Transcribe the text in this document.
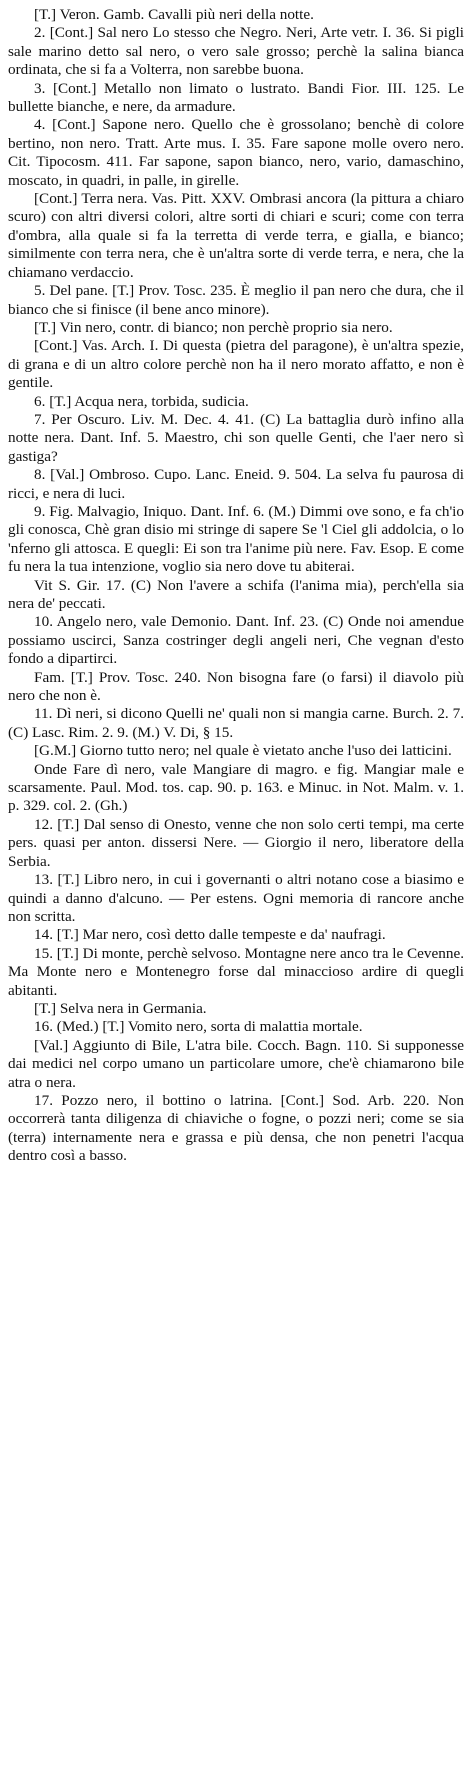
[T.] Veron. Gamb. Cavalli più neri della notte.

2. [Cont.] Sal nero Lo stesso che Negro. Neri, Arte vetr. I. 36. Si pigli sale marino detto sal nero, o vero sale grosso; perchè la salina bianca ordinata, che si fa a Volterra, non sarebbe buona.

3. [Cont.] Metallo non limato o lustrato. Bandi Fior. III. 125. Le bullette bianche, e nere, da armadure.

4. [Cont.] Sapone nero. Quello che è grossolano; benchè di colore bertino, non nero. Tratt. Arte mus. I. 35. Fare sapone molle overo nero. Cit. Tipocosm. 411. Far sapone, sapon bianco, nero, vario, damaschino, moscato, in quadri, in palle, in girelle.

[Cont.] Terra nera. Vas. Pitt. XXV. Ombrasi ancora (la pittura a chiaro scuro) con altri diversi colori, altre sorti di chiari e scuri; come con terra d'ombra, alla quale si fa la terretta di verde terra, e gialla, e bianco; similmente con terra nera, che è un'altra sorte di verde terra, e nera, che la chiamano verdaccio.

5. Del pane. [T.] Prov. Tosc. 235. È meglio il pan nero che dura, che il bianco che si finisce (il bene anco minore).

[T.] Vin nero, contr. di bianco; non perchè proprio sia nero.

[Cont.] Vas. Arch. I. Di questa (pietra del paragone), è un'altra spezie, di grana e di un altro colore perchè non ha il nero morato affatto, e non è gentile.

6. [T.] Acqua nera, torbida, sudicia.

7. Per Oscuro. Liv. M. Dec. 4. 41. (C) La battaglia durò infino alla notte nera. Dant. Inf. 5. Maestro, chi son quelle Genti, che l'aer nero sì gastiga?

8. [Val.] Ombroso. Cupo. Lanc. Eneid. 9. 504. La selva fu paurosa di ricci, e nera di luci.

9. Fig. Malvagio, Iniquo. Dant. Inf. 6. (M.) Dimmi ove sono, e fa ch'io gli conosca, Chè gran disio mi stringe di sapere Se 'l Ciel gli addolcia, o lo 'nferno gli attosca. E quegli: Ei son tra l'anime più nere. Fav. Esop. E come fu nera la tua intenzione, voglio sia nero dove tu abiterai.

Vit S. Gir. 17. (C) Non l'avere a schifa (l'anima mia), perch'ella sia nera de' peccati.

10. Angelo nero, vale Demonio. Dant. Inf. 23. (C) Onde noi amendue possiamo uscirci, Sanza costringer degli angeli neri, Che vegnan d'esto fondo a dipartirci.

Fam. [T.] Prov. Tosc. 240. Non bisogna fare (o farsi) il diavolo più nero che non è.

11. Dì neri, si dicono Quelli ne' quali non si mangia carne. Burch. 2. 7. (C) Lasc. Rim. 2. 9. (M.) V. Di, § 15.

[G.M.] Giorno tutto nero; nel quale è vietato anche l'uso dei latticini.

Onde Fare dì nero, vale Mangiare di magro. e fig. Mangiar male e scarsamente. Paul. Mod. tos. cap. 90. p. 163. e Minuc. in Not. Malm. v. 1. p. 329. col. 2. (Gh.)

12. [T.] Dal senso di Onesto, venne che non solo certi tempi, ma certe pers. quasi per anton. dissersi Nere. — Giorgio il nero, liberatore della Serbia.

13. [T.] Libro nero, in cui i governanti o altri notano cose a biasimo e quindi a danno d'alcuno. — Per estens. Ogni memoria di rancore anche non scritta.

14. [T.] Mar nero, così detto dalle tempeste e da' naufragi.

15. [T.] Di monte, perchè selvoso. Montagne nere anco tra le Cevenne. Ma Monte nero e Montenegro forse dal minaccioso ardire di quegli abitanti.

[T.] Selva nera in Germania.

16. (Med.) [T.] Vomito nero, sorta di malattia mortale.

[Val.] Aggiunto di Bile, L'atra bile. Cocch. Bagn. 110. Si supponesse dai medici nel corpo umano un particolare umore, che'è chiamarono bile atra o nera.

17. Pozzo nero, il bottino o latrina. [Cont.] Sod. Arb. 220. Non occorrerà tanta diligenza di chiaviche o fogne, o pozzi neri; come se sia (terra) internamente nera e grassa e più densa, che non penetri l'acqua dentro così a basso.
